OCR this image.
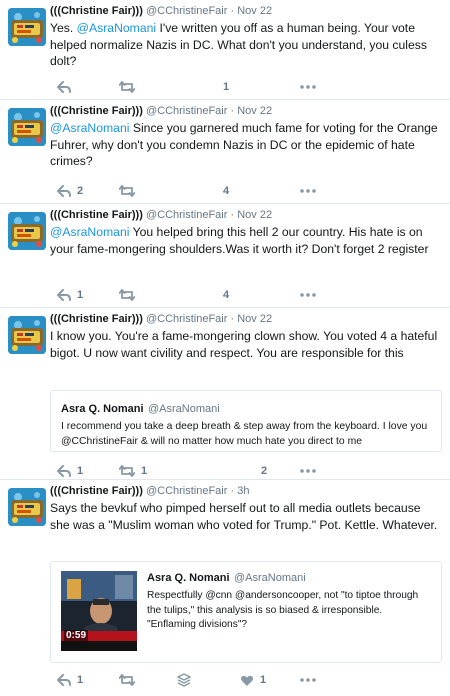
(((Christine Fair))) @CChristineFair · Nov 22
Yes. @AsraNomani I've written you off as a human being. Your vote helped normalize Nazis in DC. What don't you understand, you culess dolt?
1
(((Christine Fair))) @CChristineFair · Nov 22
@AsraNomani Since you garnered much fame for voting for the Orange Fuhrer, why don't you condemn Nazis in DC or the epidemic of hate crimes?
2	4
(((Christine Fair))) @CChristineFair · Nov 22
@AsraNomani You helped bring this hell 2 our country. His hate is on your fame-mongering shoulders.Was it worth it? Don't forget 2 register
1	4
(((Christine Fair))) @CChristineFair · Nov 22
I know you. You're a fame-mongering clown show. You voted 4 a hateful bigot. U now want civility and respect. You are responsible for this
Asra Q. Nomani @AsraNomani
I recommend you take a deep breath & step away from the keyboard. I love you @CChristineFair & will no matter how much hate you direct to me
1	1	2
(((Christine Fair))) @CChristineFair · 3h
Says the bevkuf who pimped herself out to all media outlets because she was a "Muslim woman who voted for Trump." Pot. Kettle. Whatever.
0:59
Asra Q. Nomani @AsraNomani
Respectfully @cnn @andersoncooper, not "to tiptoe through the tulips," this analysis is so biased & irresponsible. "Enflaming divisions"?
1	1
